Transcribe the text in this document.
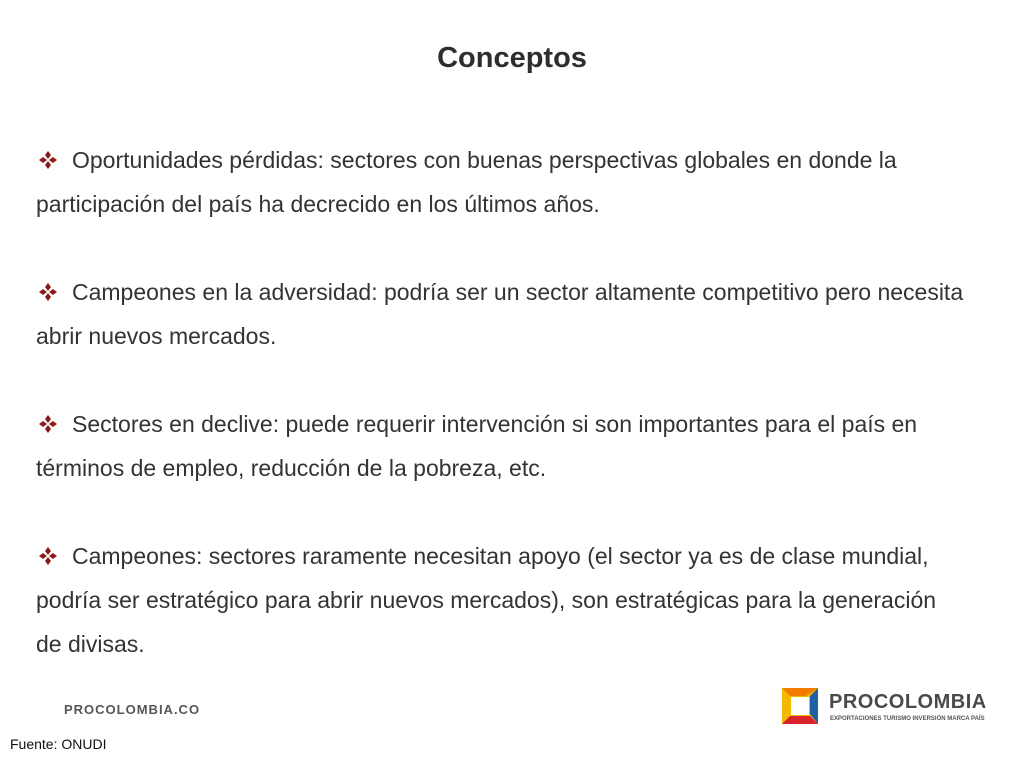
Conceptos
Oportunidades pérdidas: sectores con buenas perspectivas globales en donde la participación del país ha decrecido en los últimos años.
Campeones en la adversidad: podría ser un sector altamente competitivo pero necesita abrir nuevos mercados.
Sectores en declive: puede requerir intervención si son importantes para el país en términos de empleo, reducción de la pobreza, etc.
Campeones: sectores raramente necesitan apoyo (el sector ya es de clase mundial, podría ser estratégico para abrir nuevos mercados), son estratégicas para la generación de divisas.
PROCOLOMBIA.CO
Fuente: ONUDI
PROCOLOMBIA
EXPORTACIONES TURISMO INVERSIÓN MARCA PAÍS
